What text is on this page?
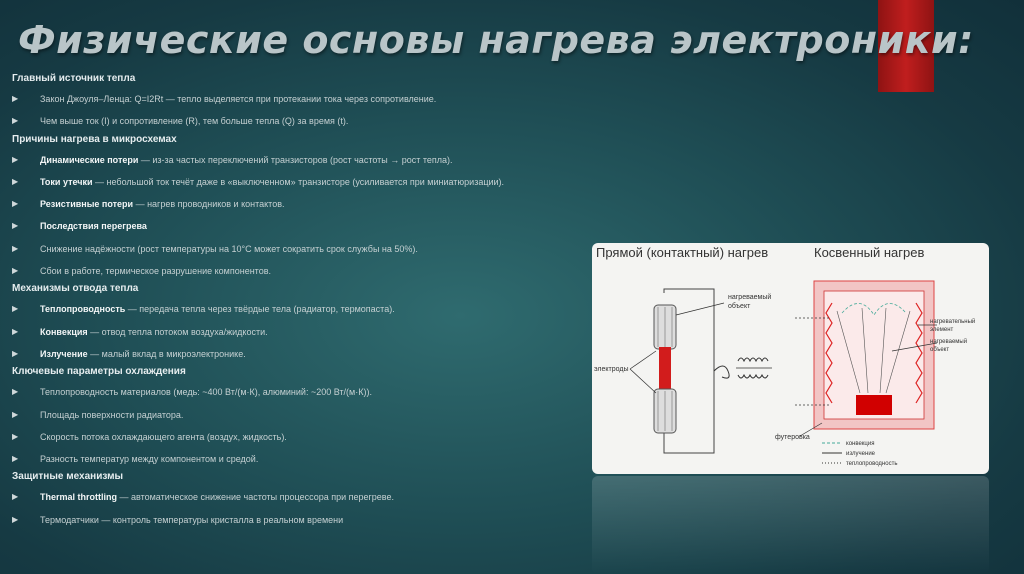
Физические основы нагрева электроники:
Главный источник тепла
▶ Закон Джоуля–Ленца: Q=I2Rt — тепло выделяется при протекании тока через сопротивление.
▶ Чем выше ток (I) и сопротивление (R), тем больше тепла (Q) за время (t).
Причины нагрева в микросхемах
▶ Динамические потери — из-за частых переключений транзисторов (рост частоты → рост тепла).
▶ Токи утечки — небольшой ток течёт даже в «выключенном» транзисторе (усиливается при миниатюризации).
▶ Резистивные потери — нагрев проводников и контактов.
▶ Последствия перегрева
▶ Снижение надёжности (рост температуры на 10°C может сократить срок службы на 50%).
▶ Сбои в работе, термическое разрушение компонентов.
Механизмы отвода тепла
▶ Теплопроводность — передача тепла через твёрдые тела (радиатор, термопаста).
▶ Конвекция — отвод тепла потоком воздуха/жидкости.
▶ Излучение — малый вклад в микроэлектронике.
Ключевые параметры охлаждения
▶ Теплопроводность материалов (медь: ~400 Вт/(м·К), алюминий: ~200 Вт/(м·К)).
▶ Площадь поверхности радиатора.
▶ Скорость потока охлаждающего агента (воздух, жидкость).
▶ Разность температур между компонентом и средой.
Защитные механизмы
▶ Thermal throttling — автоматическое снижение частоты процессора при перегреве.
▶ Термодатчики — контроль температуры кристалла в реальном времени
Прямой (контактный) нагрев	Косвенный нагрев
электроды
нагреваемый
объект
нагревательный
элемент
нагреваемый
объект
футеровка
конвекция
излучение
теплопроводность
